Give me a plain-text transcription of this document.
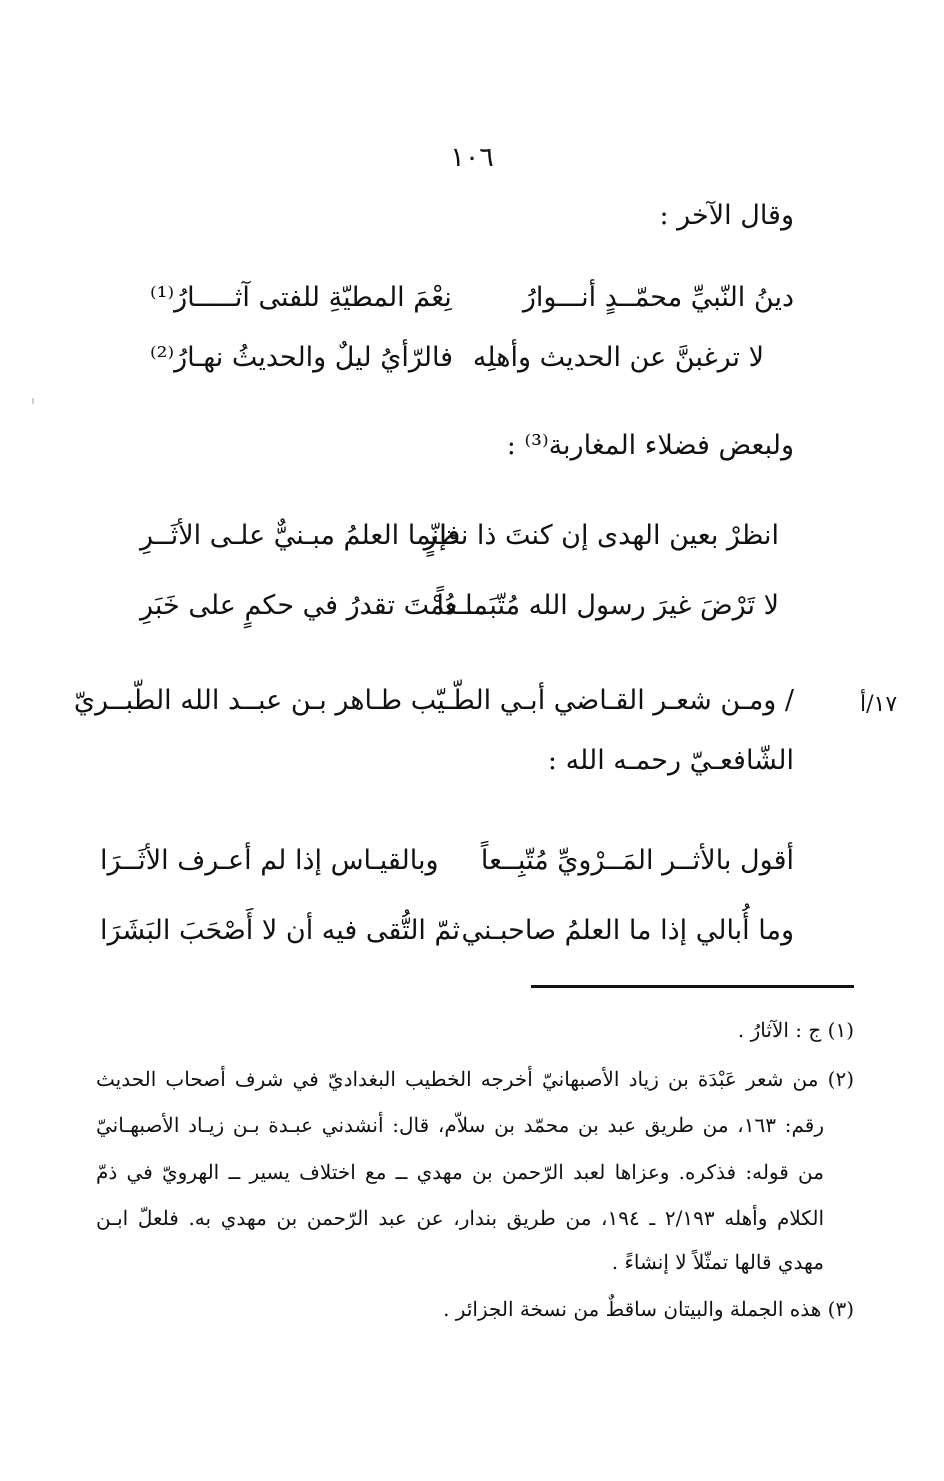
١٠٦
وقال الآخر :
دينُ النّبيِّ محمّــدٍ أنـــوارُ
نِعْمَ المطيّةِ للفتى آثـــــارُ⁽¹⁾
لا ترغبنَّ عن الحديث وأهلِه
فالرّأيُ ليلٌ والحديثُ نهـارُ⁽²⁾
ولبعض فضلاء المغاربة⁽³⁾ :
انظرْ بعين الهدى إن كنتَ ذا نظرٍ
فإنّما العلمُ مبـنيٌّ علـى الأثَــرِ
لا تَرْضَ غيرَ رسول الله مُتّبَــــعاً
ما دُمْتَ تقدرُ في حكمٍ على خَبَرِ
١٧/أ
/ ومـن شعـر القـاضي أبـي الطّـيّب طـاهر بـن عبــد الله الطّبــريّ
الشّافعـيّ رحمـه الله :
أقول بالأثــر المَــرْويِّ مُتّبِــعاً
وبالقيـاس إذا لم أعـرف الأثَــرَا
وما أُبالي إذا ما العلمُ صاحبـني
ثمّ التُّقى فيه أن لا أَصْحَبَ البَشَرَا
(١) ج : الآثارُ .
(٢) من شعر عَبْدَة بن زياد الأصبهانيّ أخرجه الخطيب البغداديّ في شرف أصحاب الحديث
رقم: ١٦٣، من طريق عبد بن محمّد بن سلاّم، قال: أنشدني عبـدة بـن زيـاد الأصبهـانيّ
من قوله: فذكره. وعزاها لعبد الرّحمن بن مهدي ــ مع اختلاف يسير ــ الهرويّ في ذمّ
الكلام وأهله ٢/١٩٣ ـ ١٩٤، من طريق بندار، عن عبد الرّحمن بن مهدي به. فلعلّ ابـن
مهدي قالها تمثّلاً لا إنشاءً .
(٣) هذه الجملة والبيتان ساقطٌ من نسخة الجزائر .
